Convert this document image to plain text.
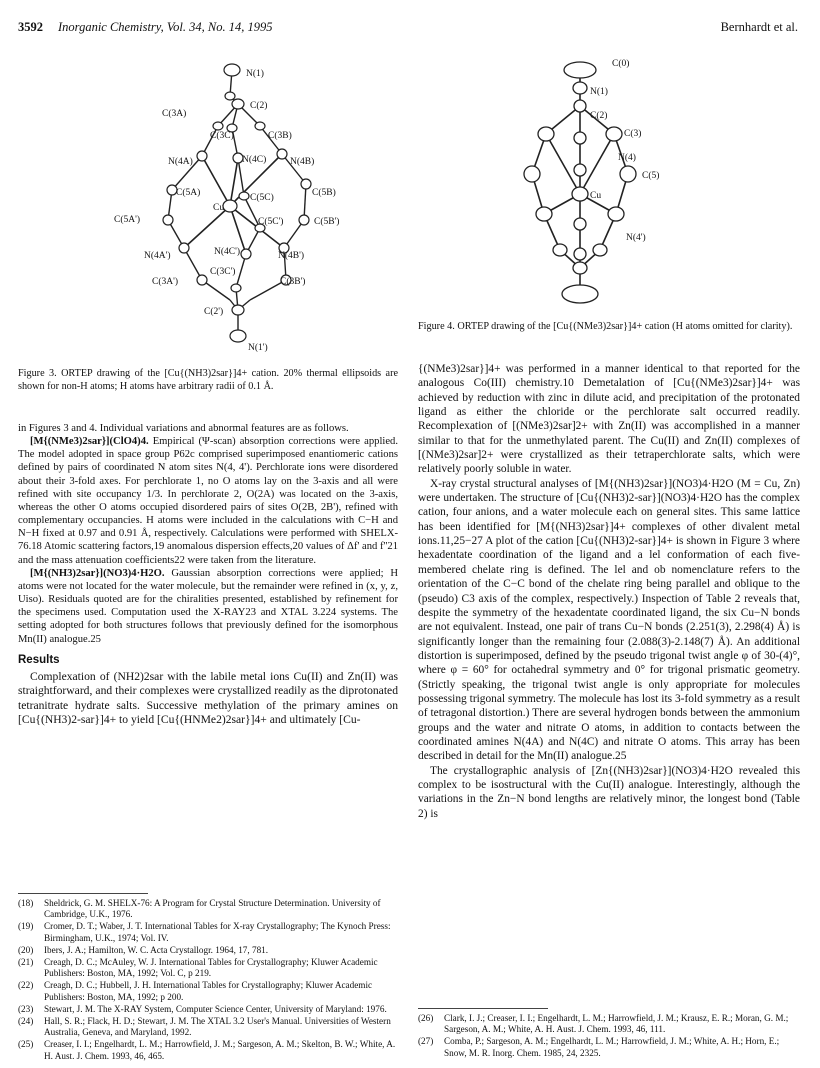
3592 Inorganic Chemistry, Vol. 34, No. 14, 1995	Bernhardt et al.
N(1)
C(3A)
C(2)
C(3C)	C(3B)
N(4A)	N(4C) N(4B)
C(5A)	C(5B)
C(5C)
Cu
C(5A')	C(5C')	C(5B')
N(4A')	N(4C')	N(4B')
C(3A')
C(3C')
C(3B')
C(2')
N(1')
Figure 3. ORTEP drawing of the [Cu{(NH3)2sar}]4+ cation. 20% thermal ellipsoids are shown for non-H atoms; H atoms have arbitrary radii of 0.1 Å.
C(0)
N(1)
C(2)
C(3)
N(4)
C(5)
Cu
N(4')
Figure 4. ORTEP drawing of the [Cu{(NMe3)2sar}]4+ cation (H atoms omitted for clarity).

in Figures 3 and 4. Individual variations and abnormal features are as follows.

[M{(NMe3)2sar}](ClO4)4. Empirical (Ψ-scan) absorption corrections were applied. The model adopted in space group P62c comprised superimposed enantiomeric cations defined by pairs of coordinated N atom sites N(4, 4'). Perchlorate ions were disordered about their 3-fold axes. For perchlorate 1, no O atoms lay on the 3-axis and all were refined with site occupancy 1/3. In perchlorate 2, O(2A) was located on the 3-axis, whereas the other O atoms occupied disordered pairs of sites O(2B, 2B'), refined with complementary occupancies. H atoms were included in the calculations with C−H and N−H fixed at 0.97 and 0.91 Å, respectively. Calculations were performed with SHELX-76.18 Atomic scattering factors,19 anomalous dispersion effects,20 values of Δf' and f''21 and the mass attenuation coefficients22 were taken from the literature.

[M{(NH3)2sar}](NO3)4·H2O. Gaussian absorption corrections were applied; H atoms were not located for the water molecule, but the remainder were refined in (x, y, z, Uiso). Residuals quoted are for the chiralities presented, established by refinement for the specimens used. Computation used the X-RAY23 and XTAL 3.224 systems. The setting adopted for both structures follows that previously defined for the isomorphous Mn(II) analogue.25

Results

Complexation of (NH2)2sar with the labile metal ions Cu(II) and Zn(II) was straightforward, and their complexes were crystallized readily as the diprotonated tetranitrate hydrate salts. Successive methylation of the primary amines on [Cu{(NH3)2-sar}]4+ to yield [Cu{(HNMe2)2sar}]4+ and ultimately [Cu-

{(NMe3)2sar}]4+ was performed in a manner identical to that reported for the analogous Co(III) chemistry.10 Demetalation of [Cu{(NMe3)2sar}]4+ was achieved by reduction with zinc in dilute acid, and precipitation of the protonated ligand as either the chloride or the perchlorate salt occurred readily. Recomplexation of [(NMe3)2sar]2+ with Zn(II) was accomplished in a manner similar to that for the unmethylated parent. The Cu(II) and Zn(II) complexes of [(NMe3)2sar]2+ were crystallized as their tetraperchlorate salts, which were relatively poorly soluble in water.

X-ray crystal structural analyses of [M{(NH3)2sar}](NO3)4·H2O (M = Cu, Zn) were undertaken. The structure of [Cu{(NH3)2-sar}](NO3)4·H2O has the complex cation, four anions, and a water molecule each on general sites. This same lattice has been identified for [M{(NH3)2sar}]4+ complexes of other divalent metal ions.11,25−27 A plot of the cation [Cu{(NH3)2-sar}]4+ is shown in Figure 3 where hexadentate coordination of the ligand and a lel conformation of each five-membered chelate ring is defined. The lel and ob nomenclature refers to the orientation of the C−C bond of the chelate ring being parallel and oblique to the (pseudo) C3 axis of the complex, respectively.) Inspection of Table 2 reveals that, despite the symmetry of the hexadentate coordinated ligand, the six Cu−N bonds are not equivalent. Instead, one pair of trans Cu−N bonds (2.251(3), 2.298(4) Å) is significantly longer than the remaining four (2.088(3)-2.148(7) Å). An additional distortion is superimposed, defined by the pseudo trigonal twist angle φ of 30-(4)°, where φ = 60° for octahedral symmetry and 0° for trigonal prismatic geometry. (Strictly speaking, the trigonal twist angle is only appropriate for molecules possessing trigonal symmetry. The molecule has lost its 3-fold symmetry as a result of tetragonal distortion.) There are several hydrogen bonds between the ammonium groups and the water and nitrate O atoms, in addition to contacts between the coordinated amines N(4A) and N(4C) and nitrate O atoms. This array has been described in detail for the Mn(II) analogue.25

The crystallographic analysis of [Zn{(NH3)2sar}](NO3)4·H2O revealed this complex to be isostructural with the Cu(II) analogue. Interestingly, although the variations in the Zn−N bond lengths are relatively minor, the longest bond (Table 2) is

(18)	Sheldrick, G. M. SHELX-76: A Program for Crystal Structure Determination. University of Cambridge, U.K., 1976.
(19)	Cromer, D. T.; Waber, J. T. International Tables for X-ray Crystallography; The Kynoch Press: Birmingham, U.K., 1974; Vol. IV.
(20)	Ibers, J. A.; Hamilton, W. C. Acta Crystallogr. 1964, 17, 781.
(21)	Creagh, D. C.; McAuley, W. J. International Tables for Crystallography; Kluwer Academic Publishers: Boston, MA, 1992; Vol. C, p 219.
(22)	Creagh, D. C.; Hubbell, J. H. International Tables for Crystallography; Kluwer Academic Publishers: Boston, MA, 1992; p 200.
(23)	Stewart, J. M. The X-RAY System, Computer Science Center, University of Maryland: 1976.
(24)	Hall, S. R.; Flack, H. D.; Stewart, J. M. The XTAL 3.2 User's Manual. Universities of Western Australia, Geneva, and Maryland, 1992.
(25)	Creaser, I. I.; Engelhardt, L. M.; Harrowfield, J. M.; Sargeson, A. M.; Skelton, B. W.; White, A. H. Aust. J. Chem. 1993, 46, 465.
(26)	Clark, I. J.; Creaser, I. I.; Engelhardt, L. M.; Harrowfield, J. M.; Krausz, E. R.; Moran, G. M.; Sargeson, A. M.; White, A. H. Aust. J. Chem. 1993, 46, 111.
(27)	Comba, P.; Sargeson, A. M.; Engelhardt, L. M.; Harrowfield, J. M.; White, A. H.; Horn, E.; Snow, M. R. Inorg. Chem. 1985, 24, 2325.
